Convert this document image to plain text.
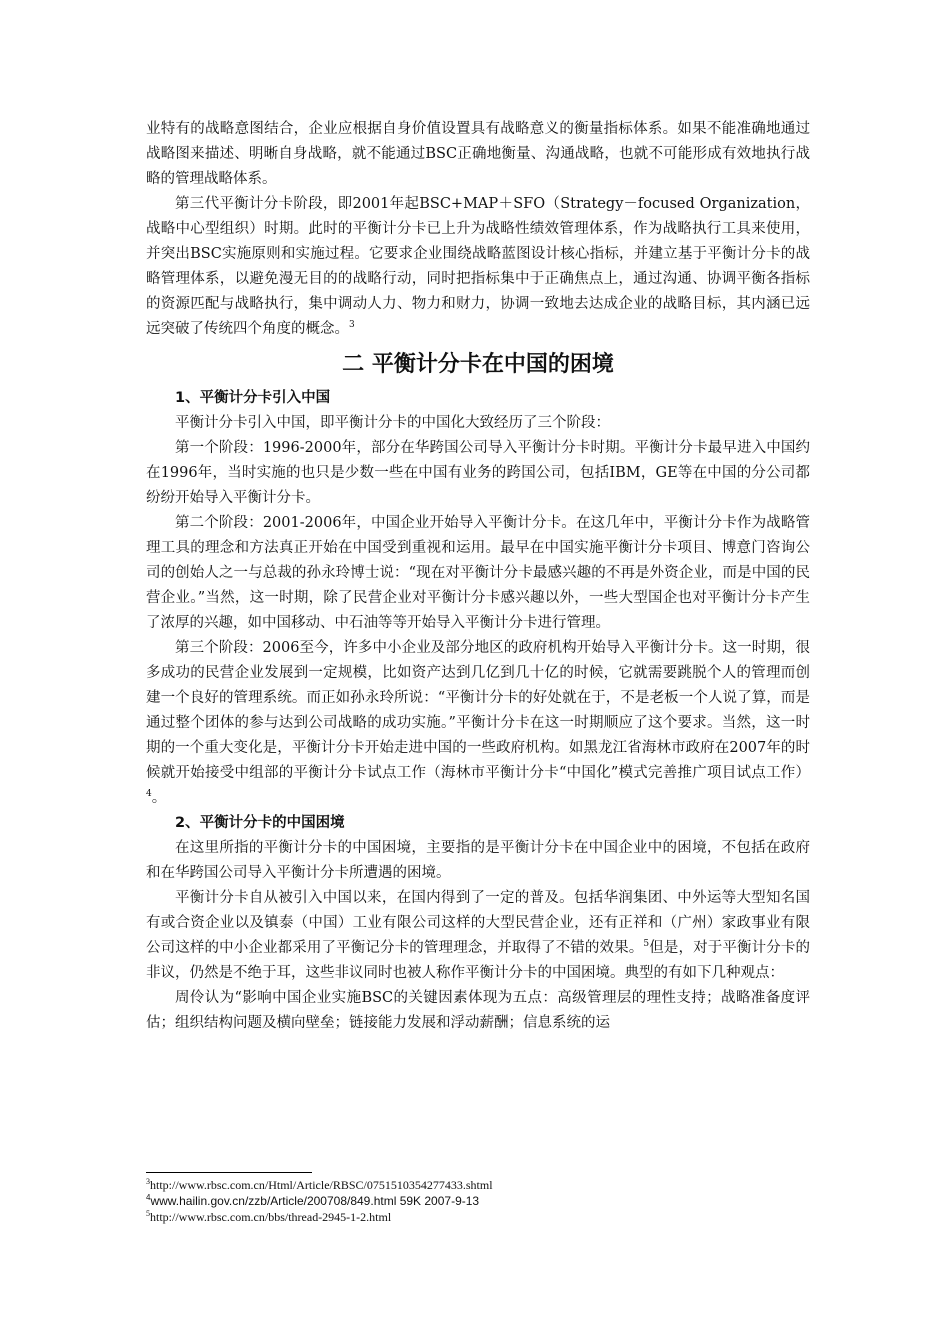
业特有的战略意图结合，企业应根据自身价值设置具有战略意义的衡量指标体系。如果不能准确地通过战略图来描述、明晰自身战略，就不能通过BSC正确地衡量、沟通战略，也就不可能形成有效地执行战略的管理战略体系。

第三代平衡计分卡阶段，即2001年起BSC+MAP＋SFO（Strategy－focused Organization，战略中心型组织）时期。此时的平衡计分卡已上升为战略性绩效管理体系，作为战略执行工具来使用，并突出BSC实施原则和实施过程。它要求企业围绕战略蓝图设计核心指标，并建立基于平衡计分卡的战略管理体系，以避免漫无目的的战略行动，同时把指标集中于正确焦点上，通过沟通、协调平衡各指标的资源匹配与战略执行，集中调动人力、物力和财力，协调一致地去达成企业的战略目标，其内涵已远远突破了传统四个角度的概念。$^3$

二 平衡计分卡在中国的困境
1、平衡计分卡引入中国

平衡计分卡引入中国，即平衡计分卡的中国化大致经历了三个阶段：

第一个阶段：1996-2000年，部分在华跨国公司导入平衡计分卡时期。平衡计分卡最早进入中国约在1996年，当时实施的也只是少数一些在中国有业务的跨国公司，包括IBM，GE等在中国的分公司都纷纷开始导入平衡计分卡。

第二个阶段：2001-2006年，中国企业开始导入平衡计分卡。在这几年中，平衡计分卡作为战略管理工具的理念和方法真正开始在中国受到重视和运用。最早在中国实施平衡计分卡项目、博意门咨询公司的创始人之一与总裁的孙永玲博士说：“现在对平衡计分卡最感兴趣的不再是外资企业，而是中国的民营企业。”当然，这一时期，除了民营企业对平衡计分卡感兴趣以外，一些大型国企也对平衡计分卡产生了浓厚的兴趣，如中国移动、中石油等等开始导入平衡计分卡进行管理。

第三个阶段：2006至今，许多中小企业及部分地区的政府机构开始导入平衡计分卡。这一时期，很多成功的民营企业发展到一定规模，比如资产达到几亿到几十亿的时候，它就需要跳脱个人的管理而创建一个良好的管理系统。而正如孙永玲所说：“平衡计分卡的好处就在于，不是老板一个人说了算，而是通过整个团体的参与达到公司战略的成功实施。”平衡计分卡在这一时期顺应了这个要求。当然，这一时期的一个重大变化是，平衡计分卡开始走进中国的一些政府机构。如黑龙江省海林市政府在2007年的时候就开始接受中组部的平衡计分卡试点工作（海林市平衡计分卡“中国化”模式完善推广项目试点工作）$^4$。

2、平衡计分卡的中国困境

在这里所指的平衡计分卡的中国困境，主要指的是平衡计分卡在中国企业中的困境，不包括在政府和在华跨国公司导入平衡计分卡所遭遇的困境。

平衡计分卡自从被引入中国以来，在国内得到了一定的普及。包括华润集团、中外运等大型知名国有或合资企业以及镇泰（中国）工业有限公司这样的大型民营企业，还有正祥和（广州）家政事业有限公司这样的中小企业都采用了平衡记分卡的管理理念，并取得了不错的效果。$^5$但是，对于平衡计分卡的非议，仍然是不绝于耳，这些非议同时也被人称作平衡计分卡的中国困境。典型的有如下几种观点：

周伶认为“影响中国企业实施BSC的关键因素体现为五点：高级管理层的理性支持；战略准备度评估；组织结构问题及横向壁垒；链接能力发展和浮动薪酬；信息系统的运

$^3$http://www.rbsc.com.cn/Html/Article/RBSC/0751510354277433.shtml
$^4$www.hailin.gov.cn/zzb/Article/200708/849.html 59K 2007-9-13
$^5$http://www.rbsc.com.cn/bbs/thread-2945-1-2.html
